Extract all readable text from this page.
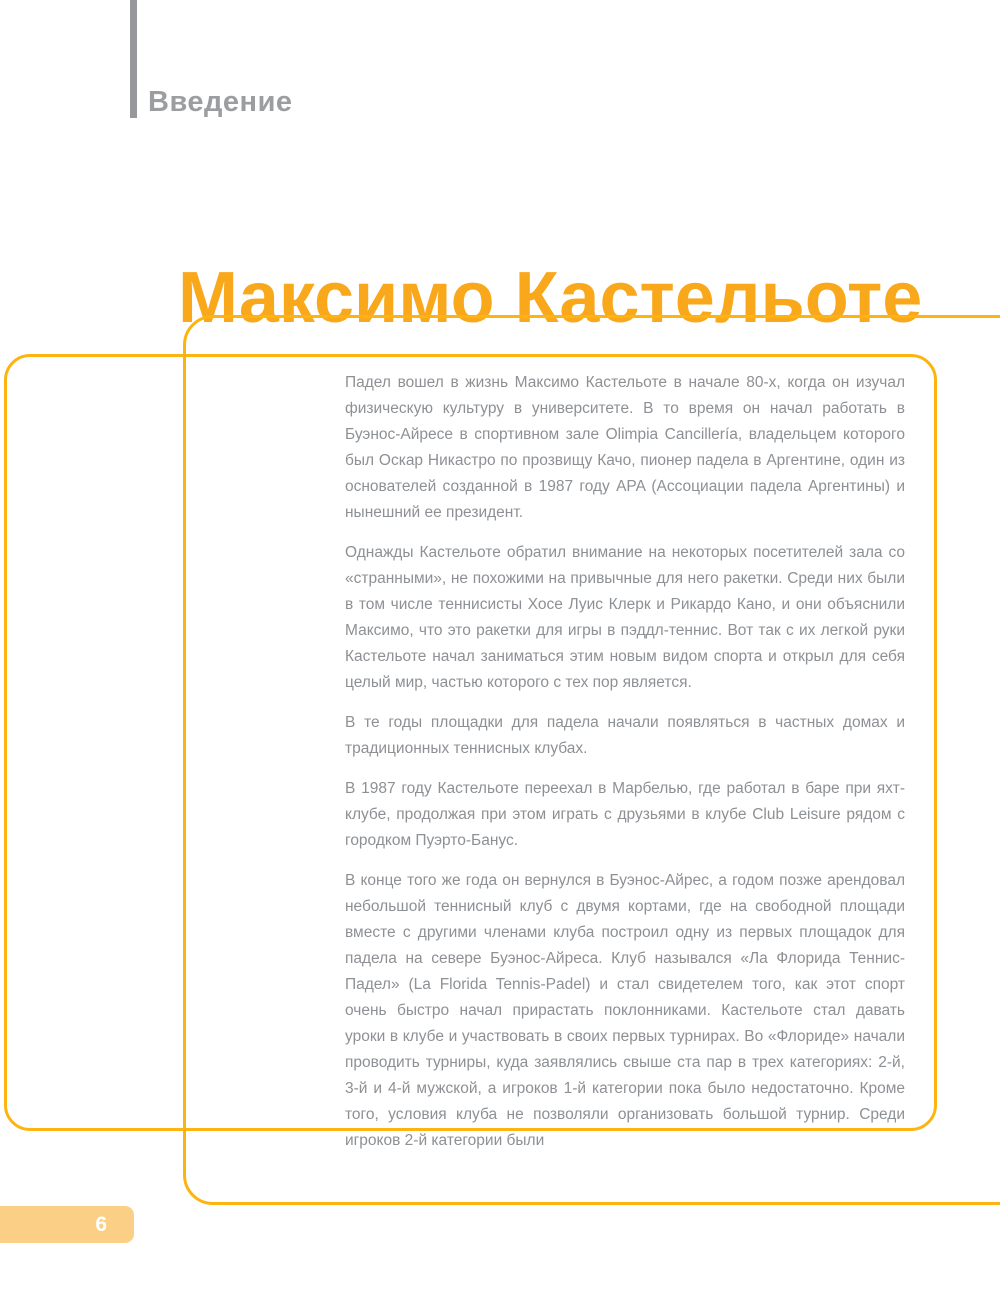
Введение
Максимо Кастельоте

Падел вошел в жизнь Максимо Кастельоте в начале 80-х, когда он изучал физическую культуру в университете. В то время он начал работать в Буэнос-Айресе в спортивном зале Olimpia Cancillería, владельцем которого был Оскар Никастро по прозвищу Качо, пионер падела в Аргентине, один из основателей созданной в 1987 году APA (Ассоциации падела Аргентины) и нынешний ее президент.

Однажды Кастельоте обратил внимание на некоторых посетителей зала со «странными», не похожими на привычные для него ракетки. Среди них были в том числе теннисисты Хосе Луис Клерк и Рикардо Кано, и они объяснили Максимо, что это ракетки для игры в пэддл-теннис. Вот так с их легкой руки Кастельоте начал заниматься этим новым видом спорта и открыл для себя целый мир, частью которого с тех пор является.

В те годы площадки для падела начали появляться в частных домах и традиционных теннисных клубах.

В 1987 году Кастельоте переехал в Марбелью, где работал в баре при яхт-клубе, продолжая при этом играть с друзьями в клубе Club Leisure рядом с городком Пуэрто-Банус.

В конце того же года он вернулся в Буэнос-Айрес, а годом позже арендовал небольшой теннисный клуб с двумя кортами, где на свободной площади вместе с другими членами клуба построил одну из первых площадок для падела на севере Буэнос-Айреса. Клуб назывался «Ла Флорида Теннис-Падел» (La Florida Tennis-Padel) и стал свидетелем того, как этот спорт очень быстро начал прирастать поклонниками. Кастельоте стал давать уроки в клубе и участвовать в своих первых турнирах. Во «Флориде» начали проводить турниры, куда заявлялись свыше ста пар в трех категориях: 2-й, 3-й и 4-й мужской, а игроков 1-й категории пока было недостаточно. Кроме того, условия клуба не позволяли организовать большой турнир. Среди игроков 2-й категории были

6
